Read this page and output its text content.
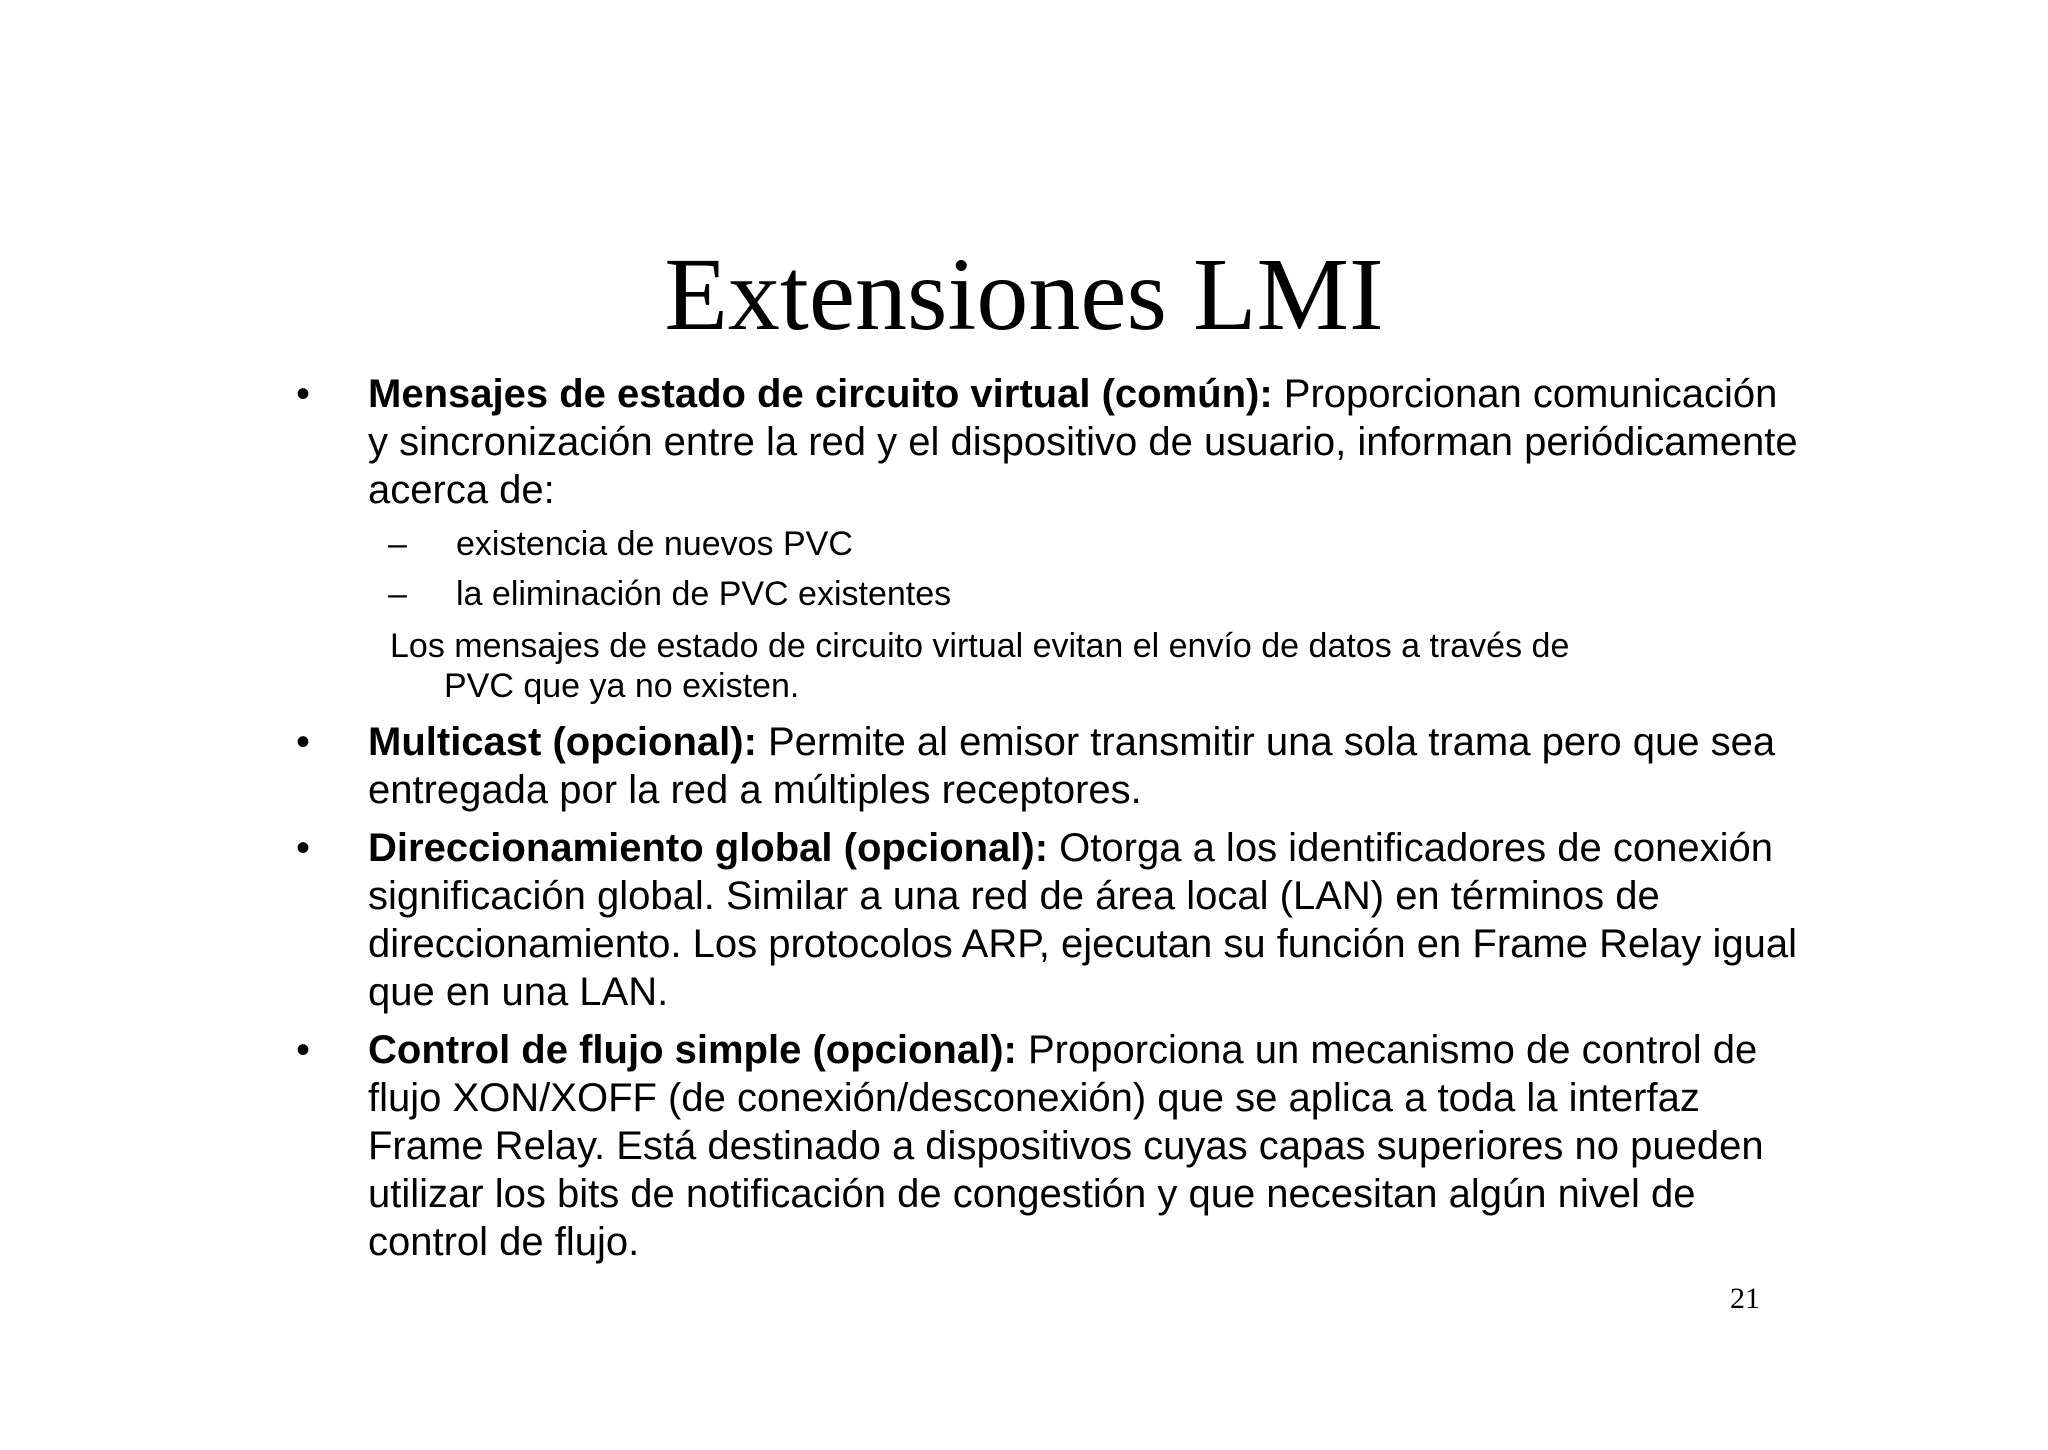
Extensiones LMI
• Mensajes de estado de circuito virtual (común): Proporcionan comunicación y sincronización entre la red y el dispositivo de usuario, informan periódicamente acerca de:
– existencia de nuevos PVC
– la eliminación de PVC existentes
Los mensajes de estado de circuito virtual evitan el envío de datos a través de
PVC que ya no existen.
• Multicast (opcional): Permite al emisor transmitir una sola trama pero que sea entregada por la red a múltiples receptores.
• Direccionamiento global (opcional): Otorga a los identificadores de conexión significación global. Similar a una red de área local (LAN) en términos de direccionamiento. Los protocolos ARP, ejecutan su función en Frame Relay igual que en una LAN.
• Control de flujo simple (opcional): Proporciona un mecanismo de control de flujo XON/XOFF (de conexión/desconexión) que se aplica a toda la interfaz Frame Relay. Está destinado a dispositivos cuyas capas superiores no pueden utilizar los bits de notificación de congestión y que necesitan algún nivel de control de flujo.
21
